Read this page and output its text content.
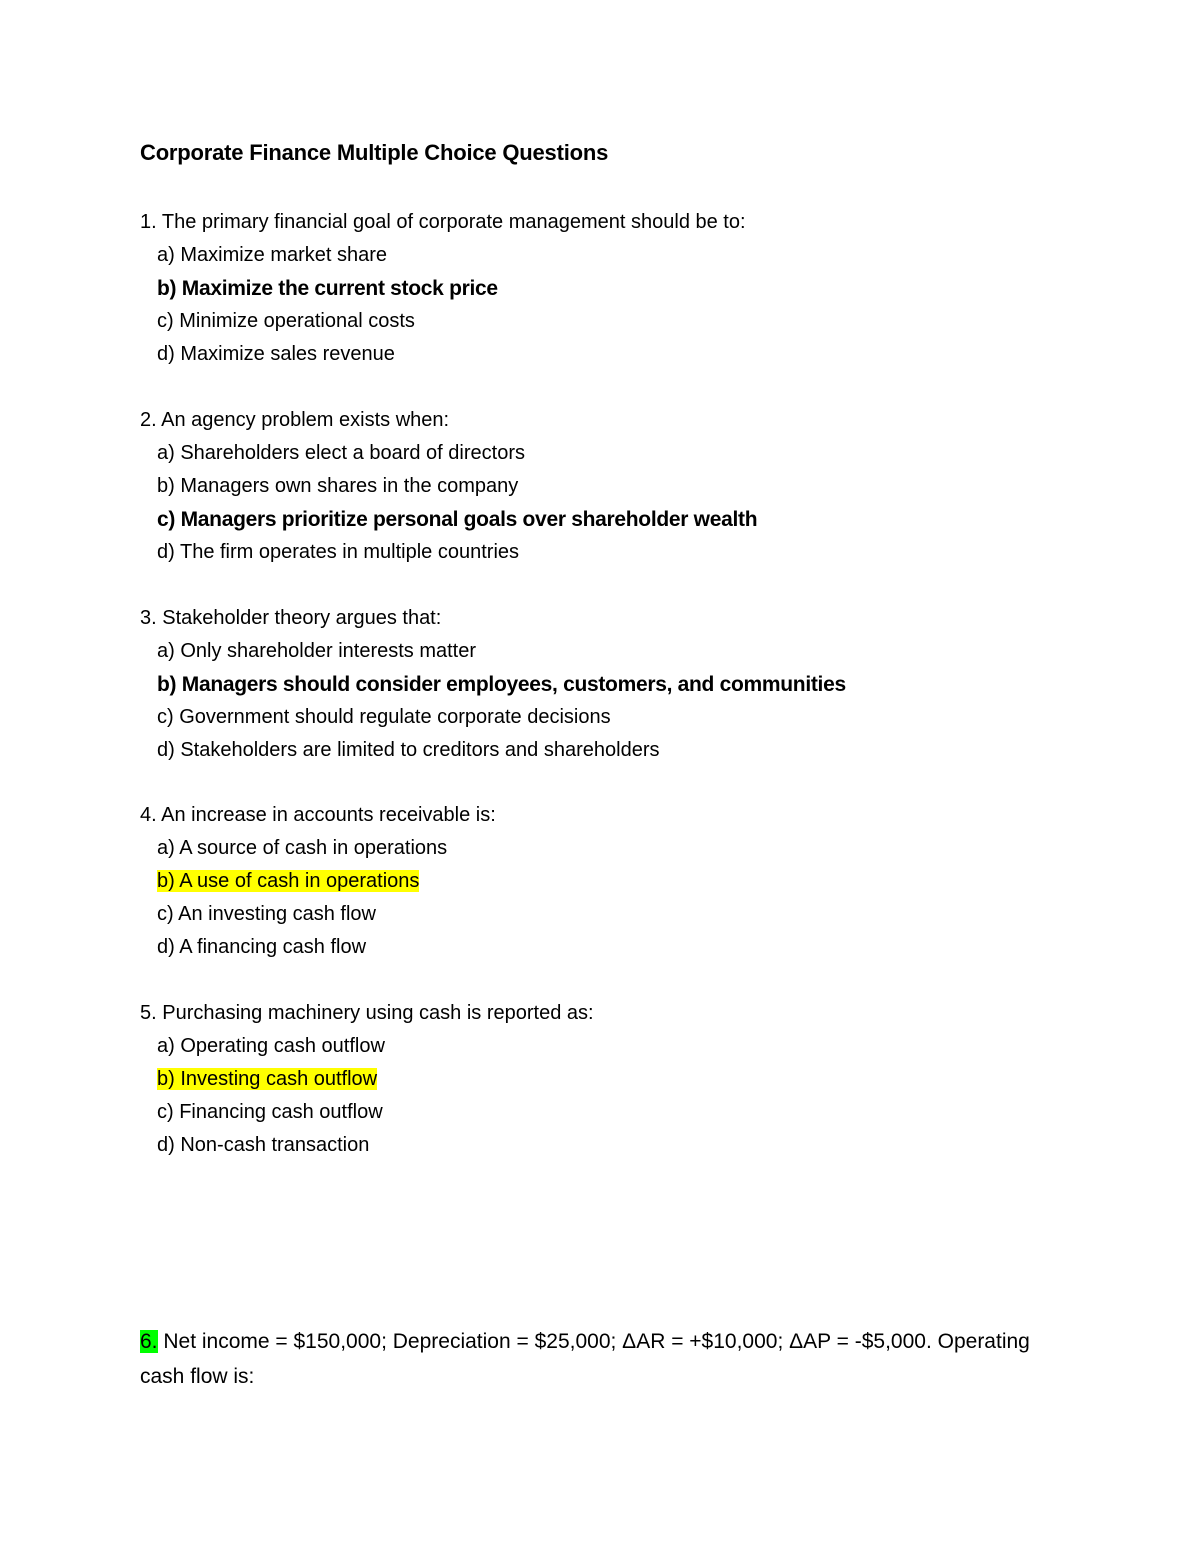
Corporate Finance Multiple Choice Questions
1. The primary financial goal of corporate management should be to:
a) Maximize market share
b) Maximize the current stock price
c) Minimize operational costs
d) Maximize sales revenue
2. An agency problem exists when:
a) Shareholders elect a board of directors
b) Managers own shares in the company
c) Managers prioritize personal goals over shareholder wealth
d) The firm operates in multiple countries
3. Stakeholder theory argues that:
a) Only shareholder interests matter
b) Managers should consider employees, customers, and communities
c) Government should regulate corporate decisions
d) Stakeholders are limited to creditors and shareholders
4. An increase in accounts receivable is:
a) A source of cash in operations
b) A use of cash in operations
c) An investing cash flow
d) A financing cash flow
5. Purchasing machinery using cash is reported as:
a) Operating cash outflow
b) Investing cash outflow
c) Financing cash outflow
d) Non-cash transaction
6. Net income = $150,000; Depreciation = $25,000; ΔAR = +$10,000; ΔAP = -$5,000. Operating cash flow is:
